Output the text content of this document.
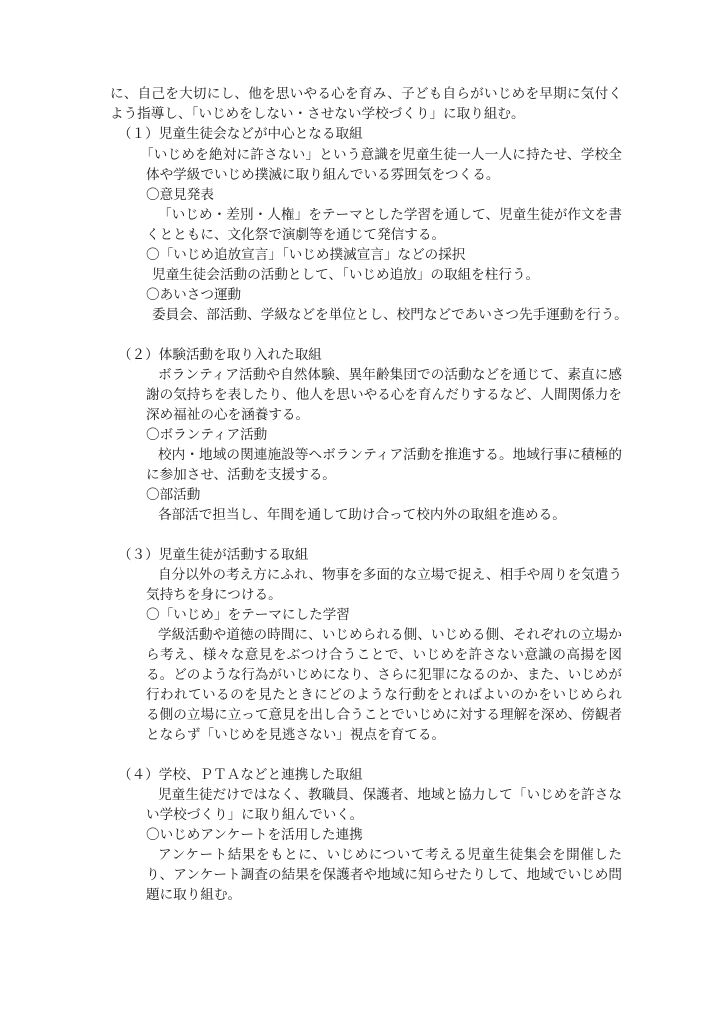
に、自己を大切にし、他を思いやる心を育み、子ども自らがいじめを早期に気付く

よう指導し、「いじめをしない・させない学校づくり」に取り組む。

（１）児童生徒会などが中心となる取組

「いじめを絶対に許さない」という意識を児童生徒一人一人に持たせ、学校全

体や学級でいじめ撲滅に取り組んでいる雰囲気をつくる。

〇意見発表

「いじめ・差別・人権」をテーマとした学習を通して、児童生徒が作文を書

くとともに、文化祭で演劇等を通じて発信する。

〇「いじめ追放宣言」「いじめ撲滅宣言」などの採択

児童生徒会活動の活動として、「いじめ追放」の取組を柱行う。

〇あいさつ運動

委員会、部活動、学級などを単位とし、校門などであいさつ先手運動を行う。

（２）体験活動を取り入れた取組

ボランティア活動や自然体験、異年齢集団での活動などを通じて、素直に感

謝の気持ちを表したり、他人を思いやる心を育んだりするなど、人間関係力を

深め福祉の心を涵養する。

〇ボランティア活動

校内・地域の関連施設等へボランティア活動を推進する。地域行事に積極的

に参加させ、活動を支援する。

〇部活動

各部活で担当し、年間を通して助け合って校内外の取組を進める。

（３）児童生徒が活動する取組

自分以外の考え方にふれ、物事を多面的な立場で捉え、相手や周りを気遣う

気持ちを身につける。

〇「いじめ」をテーマにした学習

学級活動や道徳の時間に、いじめられる側、いじめる側、それぞれの立場か

ら考え、様々な意見をぶつけ合うことで、いじめを許さない意識の高揚を図

る。どのような行為がいじめになり、さらに犯罪になるのか、また、いじめが

行われているのを見たときにどのような行動をとればよいのかをいじめられ

る側の立場に立って意見を出し合うことでいじめに対する理解を深め、傍観者

とならず「いじめを見逃さない」視点を育てる。

（４）学校、ＰＴＡなどと連携した取組

児童生徒だけではなく、教職員、保護者、地域と協力して「いじめを許さな

い学校づくり」に取り組んでいく。

〇いじめアンケートを活用した連携

アンケート結果をもとに、いじめについて考える児童生徒集会を開催した

り、アンケート調査の結果を保護者や地域に知らせたりして、地域でいじめ問

題に取り組む。
